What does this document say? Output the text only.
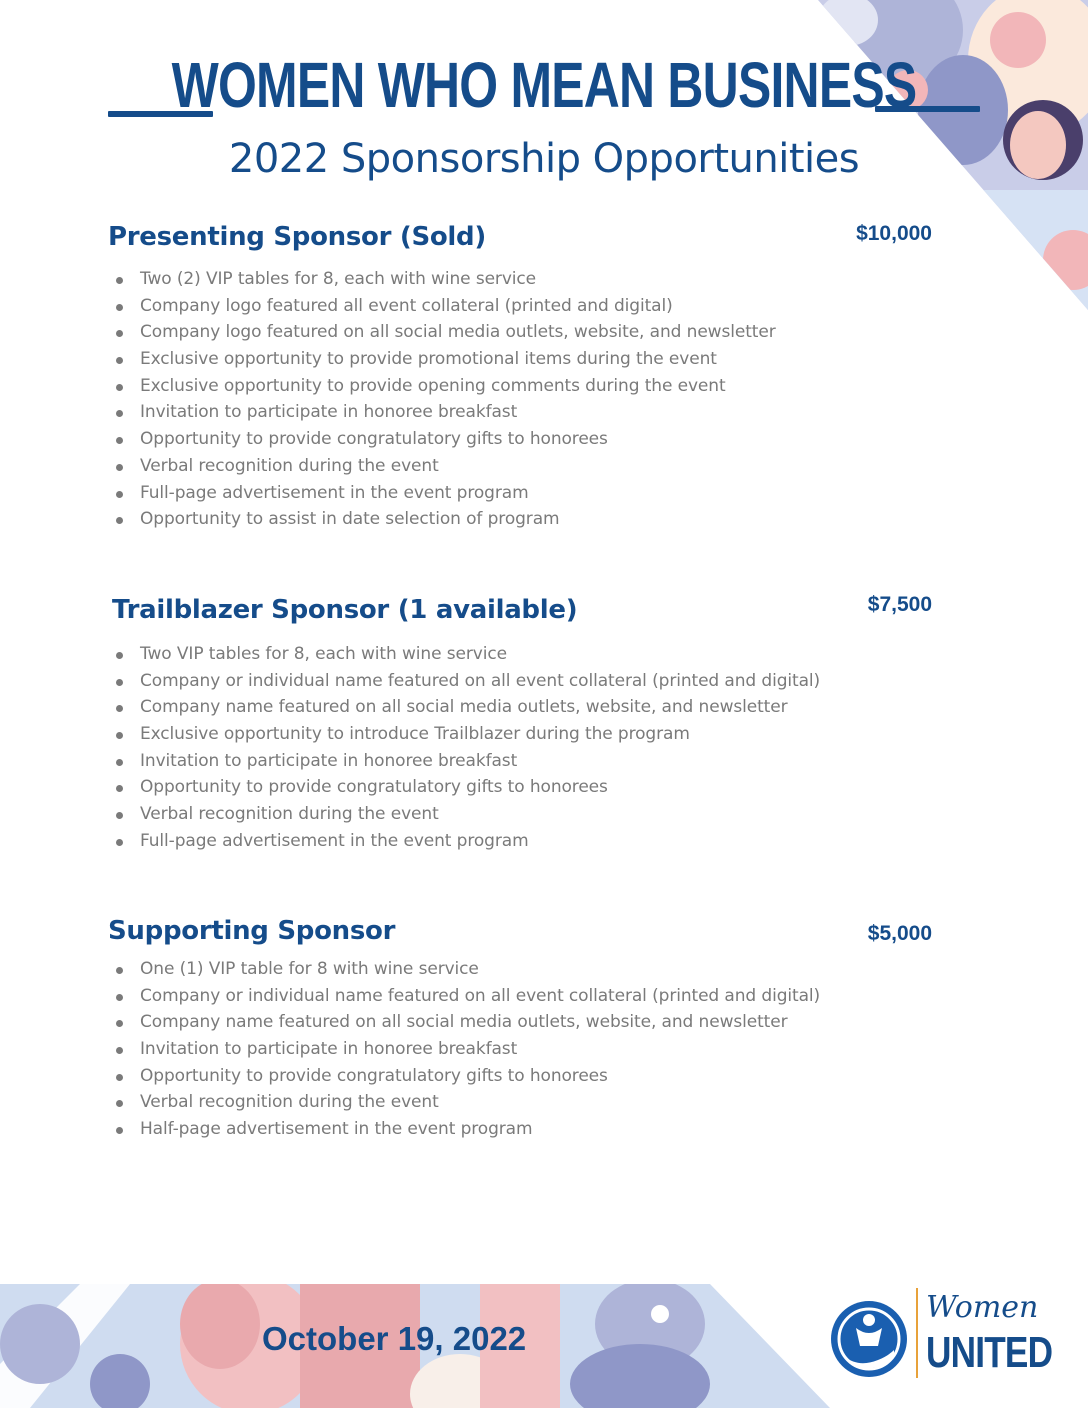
WOMEN WHO MEAN BUSINESS
2022 Sponsorship Opportunities
Presenting Sponsor (Sold)	$10,000
Two (2) VIP tables for 8, each with wine service
Company logo featured all event collateral (printed and digital)
Company logo featured on all social media outlets, website, and newsletter
Exclusive opportunity to provide promotional items during the event
Exclusive opportunity to provide opening comments during the event
Invitation to participate in honoree breakfast
Opportunity to provide congratulatory gifts to honorees
Verbal recognition during the event
Full-page advertisement in the event program
Opportunity to assist in date selection of program
Trailblazer Sponsor (1 available)	$7,500
Two VIP tables for 8, each with wine service
Company or individual name featured on all event collateral (printed and digital)
Company name featured on all social media outlets, website, and newsletter
Exclusive opportunity to introduce Trailblazer during the program
Invitation to participate in honoree breakfast
Opportunity to provide congratulatory gifts to honorees
Verbal recognition during the event
Full-page advertisement in the event program
Supporting Sponsor	$5,000
One (1) VIP table for 8 with wine service
Company or individual name featured on all event collateral (printed and digital)
Company name featured on all social media outlets, website, and newsletter
Invitation to participate in honoree breakfast
Opportunity to provide congratulatory gifts to honorees
Verbal recognition during the event
Half-page advertisement in the event program
October 19, 2022
Women
UNITED
